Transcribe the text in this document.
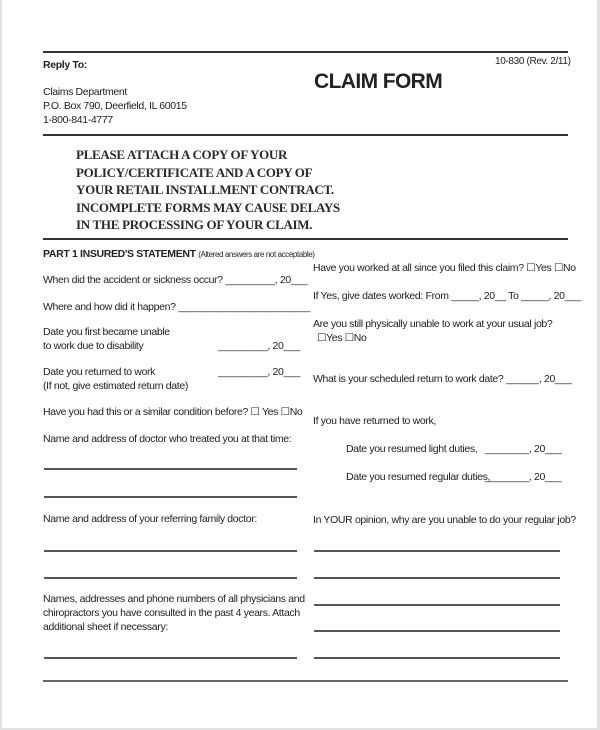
Reply To:	10-830 (Rev. 2/11)
CLAIM FORM
Claims Department
P.O. Box 790, Deerfield, IL 60015
1-800-841-4777
PLEASE ATTACH A COPY OF YOUR
POLICY/CERTIFICATE AND A COPY OF
YOUR RETAIL INSTALLMENT CONTRACT.
INCOMPLETE FORMS MAY CAUSE DELAYS
IN THE PROCESSING OF YOUR CLAIM.
PART 1 INSURED'S STATEMENT (Altered answers are not acceptable)
When did the accident or sickness occur? _________, 20___
Where and how did it happen? ________________________
Date you first became unable
to work due to disability	_________, 20___
Date you returned to work	_________, 20___
(If not, give estimated return date)
Have you had this or a similar condition before? ☐ Yes ☐No
Name and address of doctor who treated you at that time:
Name and address of your referring family doctor:
Names, addresses and phone numbers of all physicians and
chiropractors you have consulted in the past 4 years. Attach
additional sheet if necessary:
Have you worked at all since you filed this claim? ☐Yes ☐No
If Yes, give dates worked: From _____, 20__ To _____, 20___
Are you still physically unable to work at your usual job?
☐Yes ☐No
What is your scheduled return to work date? ______, 20___
If you have returned to work,
Date you resumed light duties, ________, 20___
Date you resumed regular duties,
________, 20___
In YOUR opinion, why are you unable to do your regular job?
